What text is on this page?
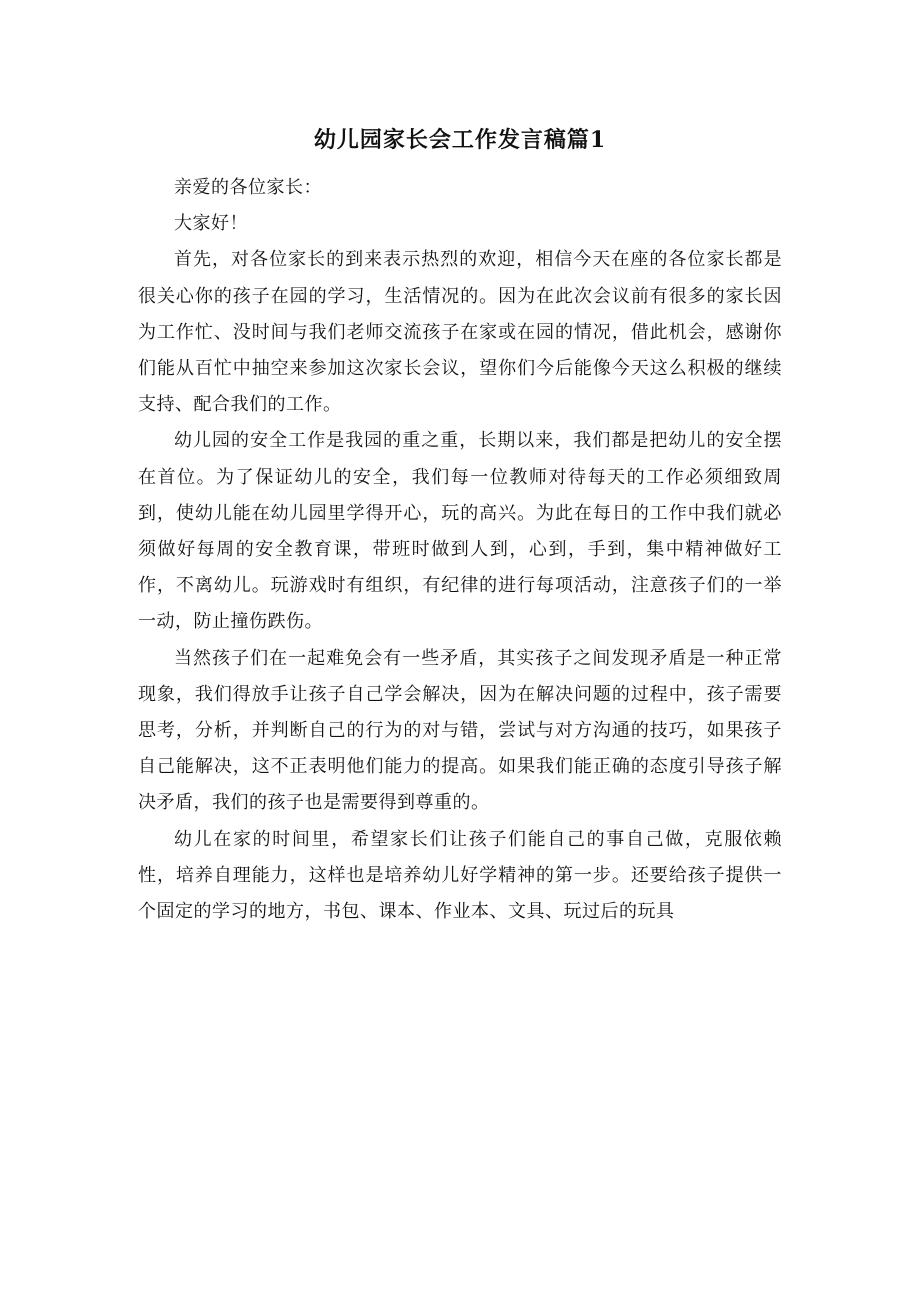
幼儿园家长会工作发言稿篇1

亲爱的各位家长：

大家好！

首先，对各位家长的到来表示热烈的欢迎，相信今天在座的各位家长都是很关心你的孩子在园的学习，生活情况的。因为在此次会议前有很多的家长因为工作忙、没时间与我们老师交流孩子在家或在园的情况，借此机会，感谢你们能从百忙中抽空来参加这次家长会议，望你们今后能像今天这么积极的继续支持、配合我们的工作。

幼儿园的安全工作是我园的重之重，长期以来，我们都是把幼儿的安全摆在首位。为了保证幼儿的安全，我们每一位教师对待每天的工作必须细致周到，使幼儿能在幼儿园里学得开心，玩的高兴。为此在每日的工作中我们就必须做好每周的安全教育课，带班时做到人到，心到，手到，集中精神做好工作，不离幼儿。玩游戏时有组织，有纪律的进行每项活动，注意孩子们的一举一动，防止撞伤跌伤。

当然孩子们在一起难免会有一些矛盾，其实孩子之间发现矛盾是一种正常现象，我们得放手让孩子自己学会解决，因为在解决问题的过程中，孩子需要思考，分析，并判断自己的行为的对与错，尝试与对方沟通的技巧，如果孩子自己能解决，这不正表明他们能力的提高。如果我们能正确的态度引导孩子解决矛盾，我们的孩子也是需要得到尊重的。

幼儿在家的时间里，希望家长们让孩子们能自己的事自己做，克服依赖性，培养自理能力，这样也是培养幼儿好学精神的第一步。还要给孩子提供一个固定的学习的地方，书包、课本、作业本、文具、玩过后的玩具
